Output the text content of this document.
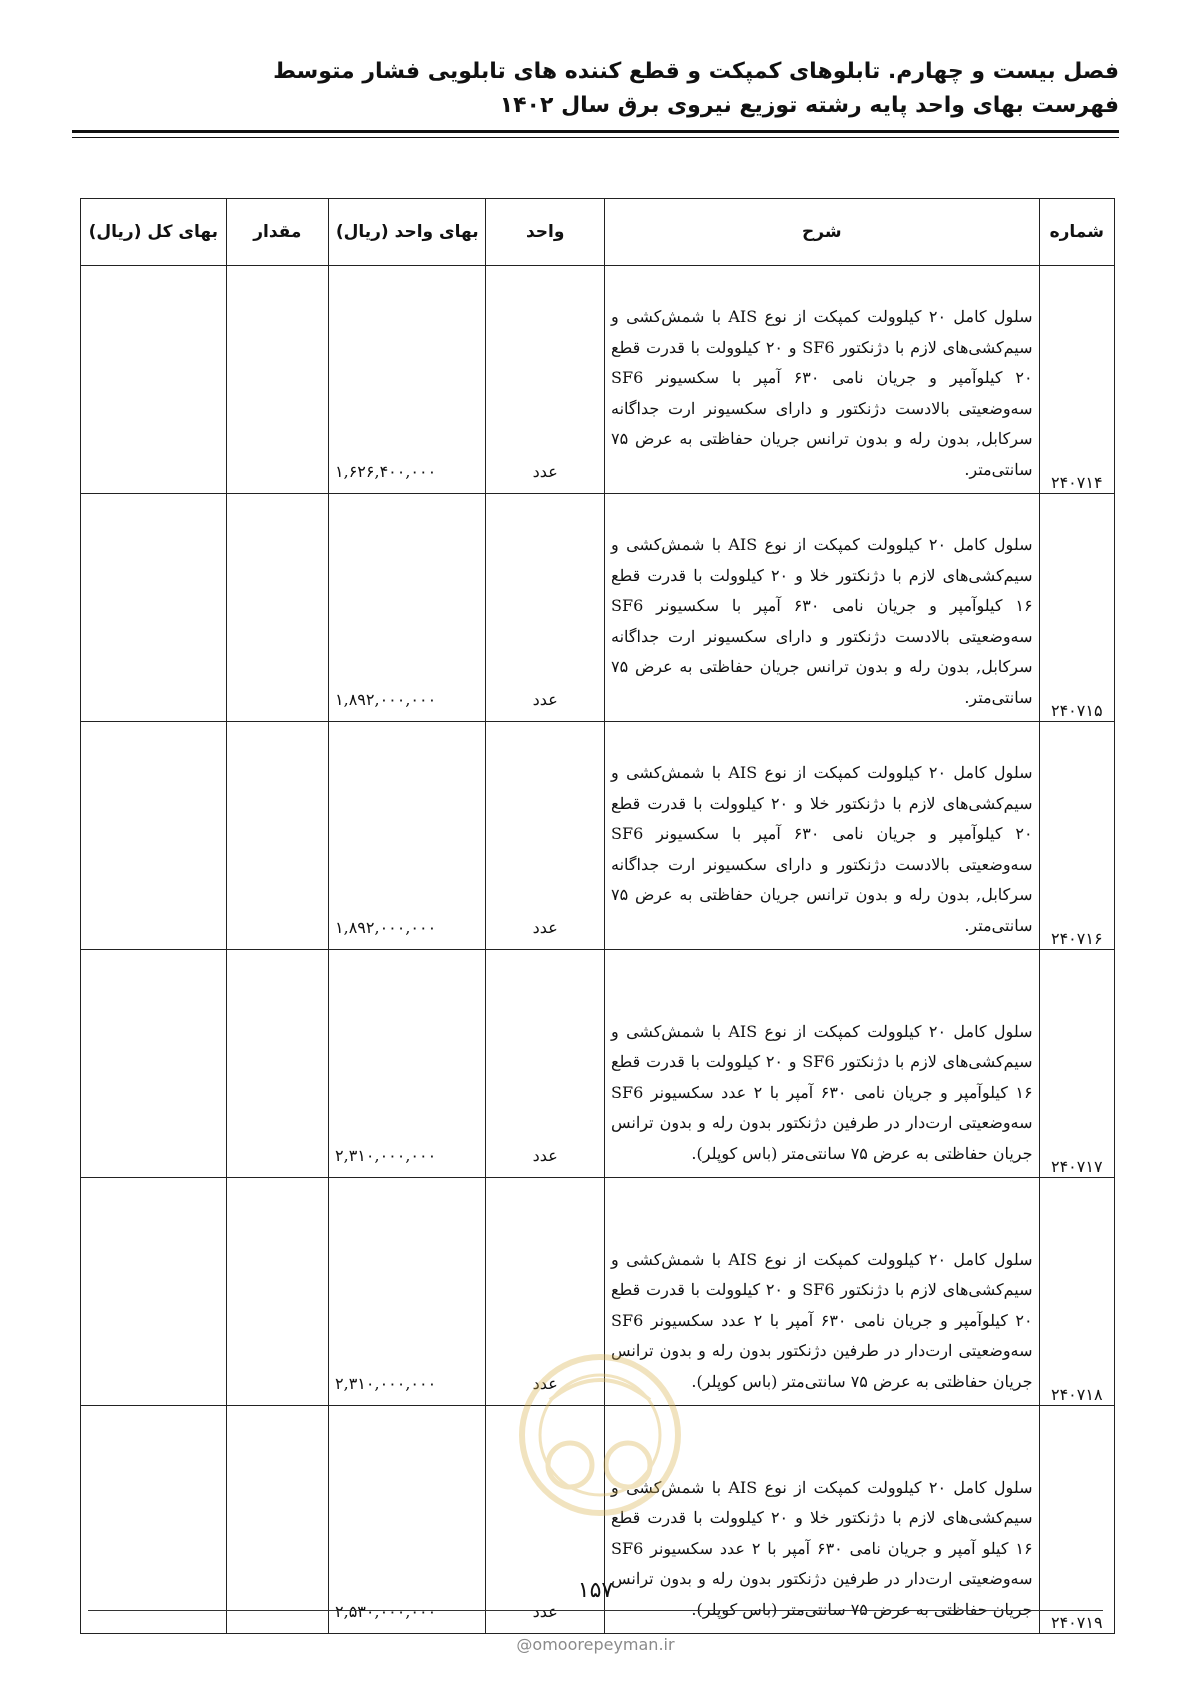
فصل بیست و چهارم. تابلوهای کمپکت و قطع کننده های تابلویی فشار متوسط
فهرست بهای واحد پایه رشته توزیع نیروی برق سال ۱۴۰۲
شماره	شرح	واحد	بهای واحد (ریال)	مقدار	بهای کل (ریال)
۲۴۰۷۱۴	سلول کامل ۲۰ کیلوولت کمپکت از نوع AIS با شمش‌کشی و سیم‌کشی‌های لازم با دژنکتور SF6 و ۲۰ کیلوولت با قدرت قطع ۲۰ کیلوآمپر و جریان نامی ۶۳۰ آمپر با سکسیونر SF6 سه‌وضعیتی بالادست دژنکتور و دارای سکسیونر ارت جداگانه سرکابل, بدون رله و بدون ترانس جریان حفاظتی به عرض ۷۵ سانتی‌متر.	عدد	۱,۶۲۶,۴۰۰,۰۰۰		
۲۴۰۷۱۵	سلول کامل ۲۰ کیلوولت کمپکت از نوع AIS با شمش‌کشی و سیم‌کشی‌های لازم با دژنکتور خلا و ۲۰ کیلوولت با قدرت قطع ۱۶ کیلوآمپر و جریان نامی ۶۳۰ آمپر با سکسیونر SF6 سه‌وضعیتی بالادست دژنکتور و دارای سکسیونر ارت جداگانه سرکابل, بدون رله و بدون ترانس جریان حفاظتی به عرض ۷۵ سانتی‌متر.	عدد	۱,۸۹۲,۰۰۰,۰۰۰		
۲۴۰۷۱۶	سلول کامل ۲۰ کیلوولت کمپکت از نوع AIS با شمش‌کشی و سیم‌کشی‌های لازم با دژنکتور خلا و ۲۰ کیلوولت با قدرت قطع ۲۰ کیلوآمپر و جریان نامی ۶۳۰ آمپر با سکسیونر SF6 سه‌وضعیتی بالادست دژنکتور و دارای سکسیونر ارت جداگانه سرکابل, بدون رله و بدون ترانس جریان حفاظتی به عرض ۷۵ سانتی‌متر.	عدد	۱,۸۹۲,۰۰۰,۰۰۰		
۲۴۰۷۱۷	سلول کامل ۲۰ کیلوولت کمپکت از نوع AIS با شمش‌کشی و سیم‌کشی‌های لازم با دژنکتور SF6 و ۲۰ کیلوولت با قدرت قطع ۱۶ کیلوآمپر و جریان نامی ۶۳۰ آمپر با ۲ عدد سکسیونر SF6 سه‌وضعیتی ارت‌دار در طرفین دژنکتور بدون رله و بدون ترانس جریان حفاظتی به عرض ۷۵ سانتی‌متر (باس کوپلر).	عدد	۲,۳۱۰,۰۰۰,۰۰۰		
۲۴۰۷۱۸	سلول کامل ۲۰ کیلوولت کمپکت از نوع AIS با شمش‌کشی و سیم‌کشی‌های لازم با دژنکتور SF6 و ۲۰ کیلوولت با قدرت قطع ۲۰ کیلوآمپر و جریان نامی ۶۳۰ آمپر با ۲ عدد سکسیونر SF6 سه‌وضعیتی ارت‌دار در طرفین دژنکتور بدون رله و بدون ترانس جریان حفاظتی به عرض ۷۵ سانتی‌متر (باس کوپلر).	عدد	۲,۳۱۰,۰۰۰,۰۰۰		
۲۴۰۷۱۹	سلول کامل ۲۰ کیلوولت کمپکت از نوع AIS با شمش‌کشی و سیم‌کشی‌های لازم با دژنکتور خلا و ۲۰ کیلوولت با قدرت قطع ۱۶ کیلو آمپر و جریان نامی ۶۳۰ آمپر با ۲ عدد سکسیونر SF6 سه‌وضعیتی ارت‌دار در طرفین دژنکتور بدون رله و بدون ترانس جریان حفاظتی به عرض ۷۵ سانتی‌متر (باس کوپلر).	عدد	۲,۵۳۰,۰۰۰,۰۰۰		
۱۵۷
@omoorepeyman.ir
